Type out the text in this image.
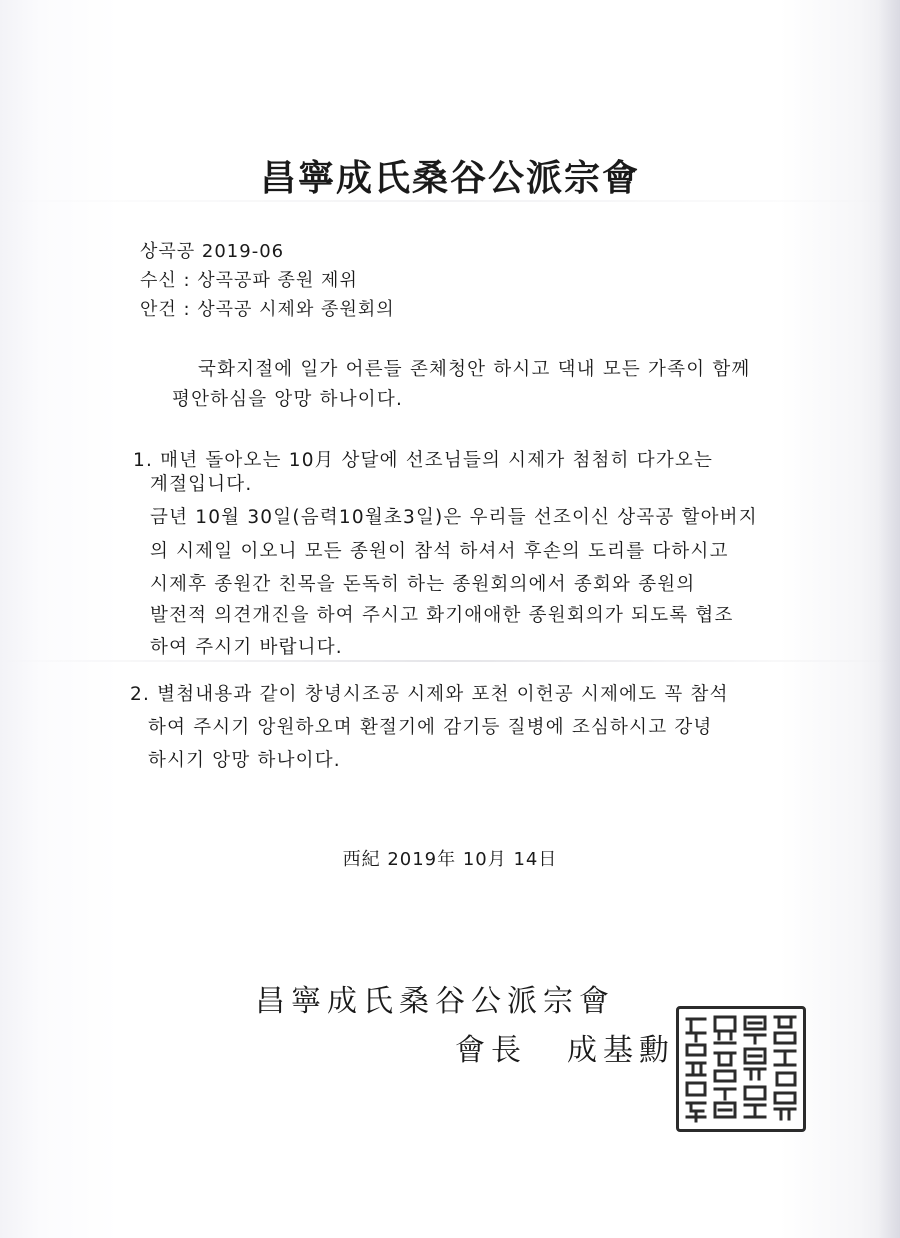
昌寧成氏桑谷公派宗會
상곡공 2019-06
수신 : 상곡공파 종원 제위
안건 : 상곡공 시제와 종원회의
국화지절에 일가 어른들 존체청안 하시고 댁내 모든 가족이 함께
평안하심을 앙망 하나이다.
1. 매년 돌아오는 10月 상달에 선조님들의 시제가 첨첨히 다가오는
계절입니다.
금년 10월 30일(음력10월초3일)은 우리들 선조이신 상곡공 할아버지
의 시제일 이오니 모든 종원이 참석 하셔서 후손의 도리를 다하시고
시제후 종원간 친목을 돈독히 하는 종원회의에서 종회와 종원의
발전적 의견개진을 하여 주시고 화기애애한 종원회의가 되도록 협조
하여 주시기 바랍니다.
2. 별첨내용과 같이 창녕시조공 시제와 포천 이헌공 시제에도 꼭 참석
하여 주시기 앙원하오며 환절기에 감기등 질병에 조심하시고 강녕
하시기 앙망 하나이다.
西紀 2019年 10月 14日
昌寧成氏桑谷公派宗會
會長 成基勳
